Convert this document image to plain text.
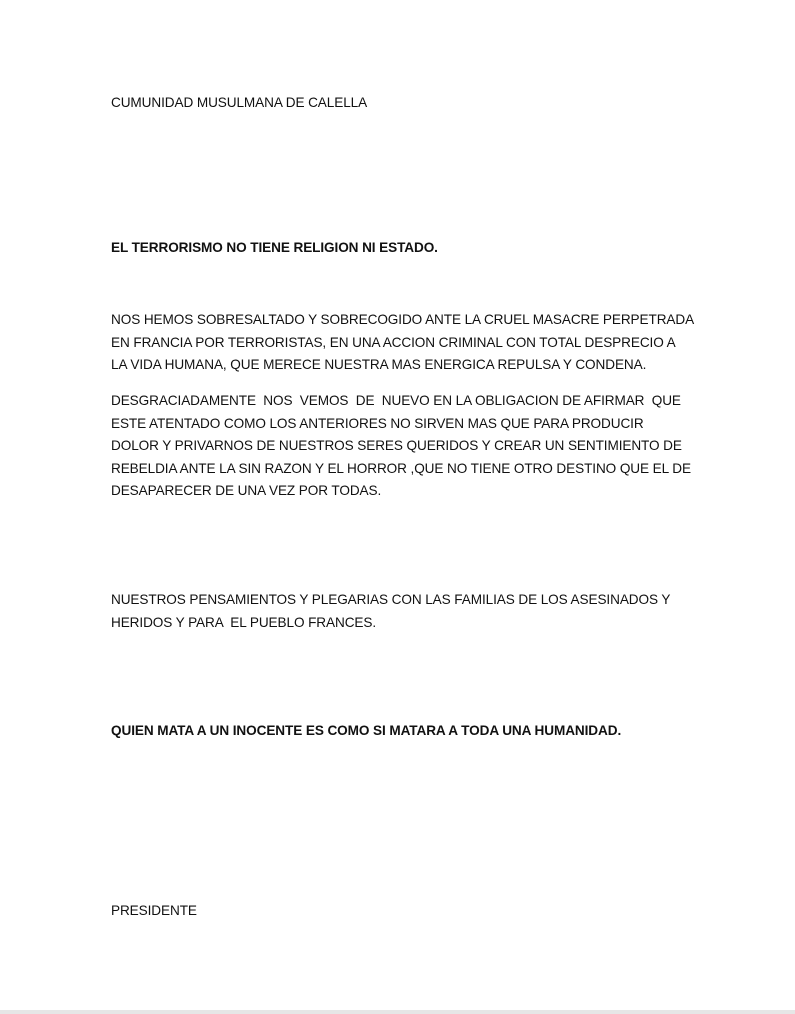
CUMUNIDAD MUSULMANA DE CALELLA

EL TERRORISMO NO TIENE RELIGION NI ESTADO.

NOS HEMOS SOBRESALTADO Y SOBRECOGIDO ANTE LA CRUEL MASACRE PERPETRADA
EN FRANCIA POR TERRORISTAS, EN UNA ACCION CRIMINAL CON TOTAL DESPRECIO A
LA VIDA HUMANA, QUE MERECE NUESTRA MAS ENERGICA REPULSA Y CONDENA.

DESGRACIADAMENTE  NOS  VEMOS  DE  NUEVO EN LA OBLIGACION DE AFIRMAR  QUE
ESTE ATENTADO COMO LOS ANTERIORES NO SIRVEN MAS QUE PARA PRODUCIR
DOLOR Y PRIVARNOS DE NUESTROS SERES QUERIDOS Y CREAR UN SENTIMIENTO DE
REBELDIA ANTE LA SIN RAZON Y EL HORROR ,QUE NO TIENE OTRO DESTINO QUE EL DE
DESAPARECER DE UNA VEZ POR TODAS.

NUESTROS PENSAMIENTOS Y PLEGARIAS CON LAS FAMILIAS DE LOS ASESINADOS Y
HERIDOS Y PARA  EL PUEBLO FRANCES.

QUIEN MATA A UN INOCENTE ES COMO SI MATARA A TODA UNA HUMANIDAD.

PRESIDENTE
